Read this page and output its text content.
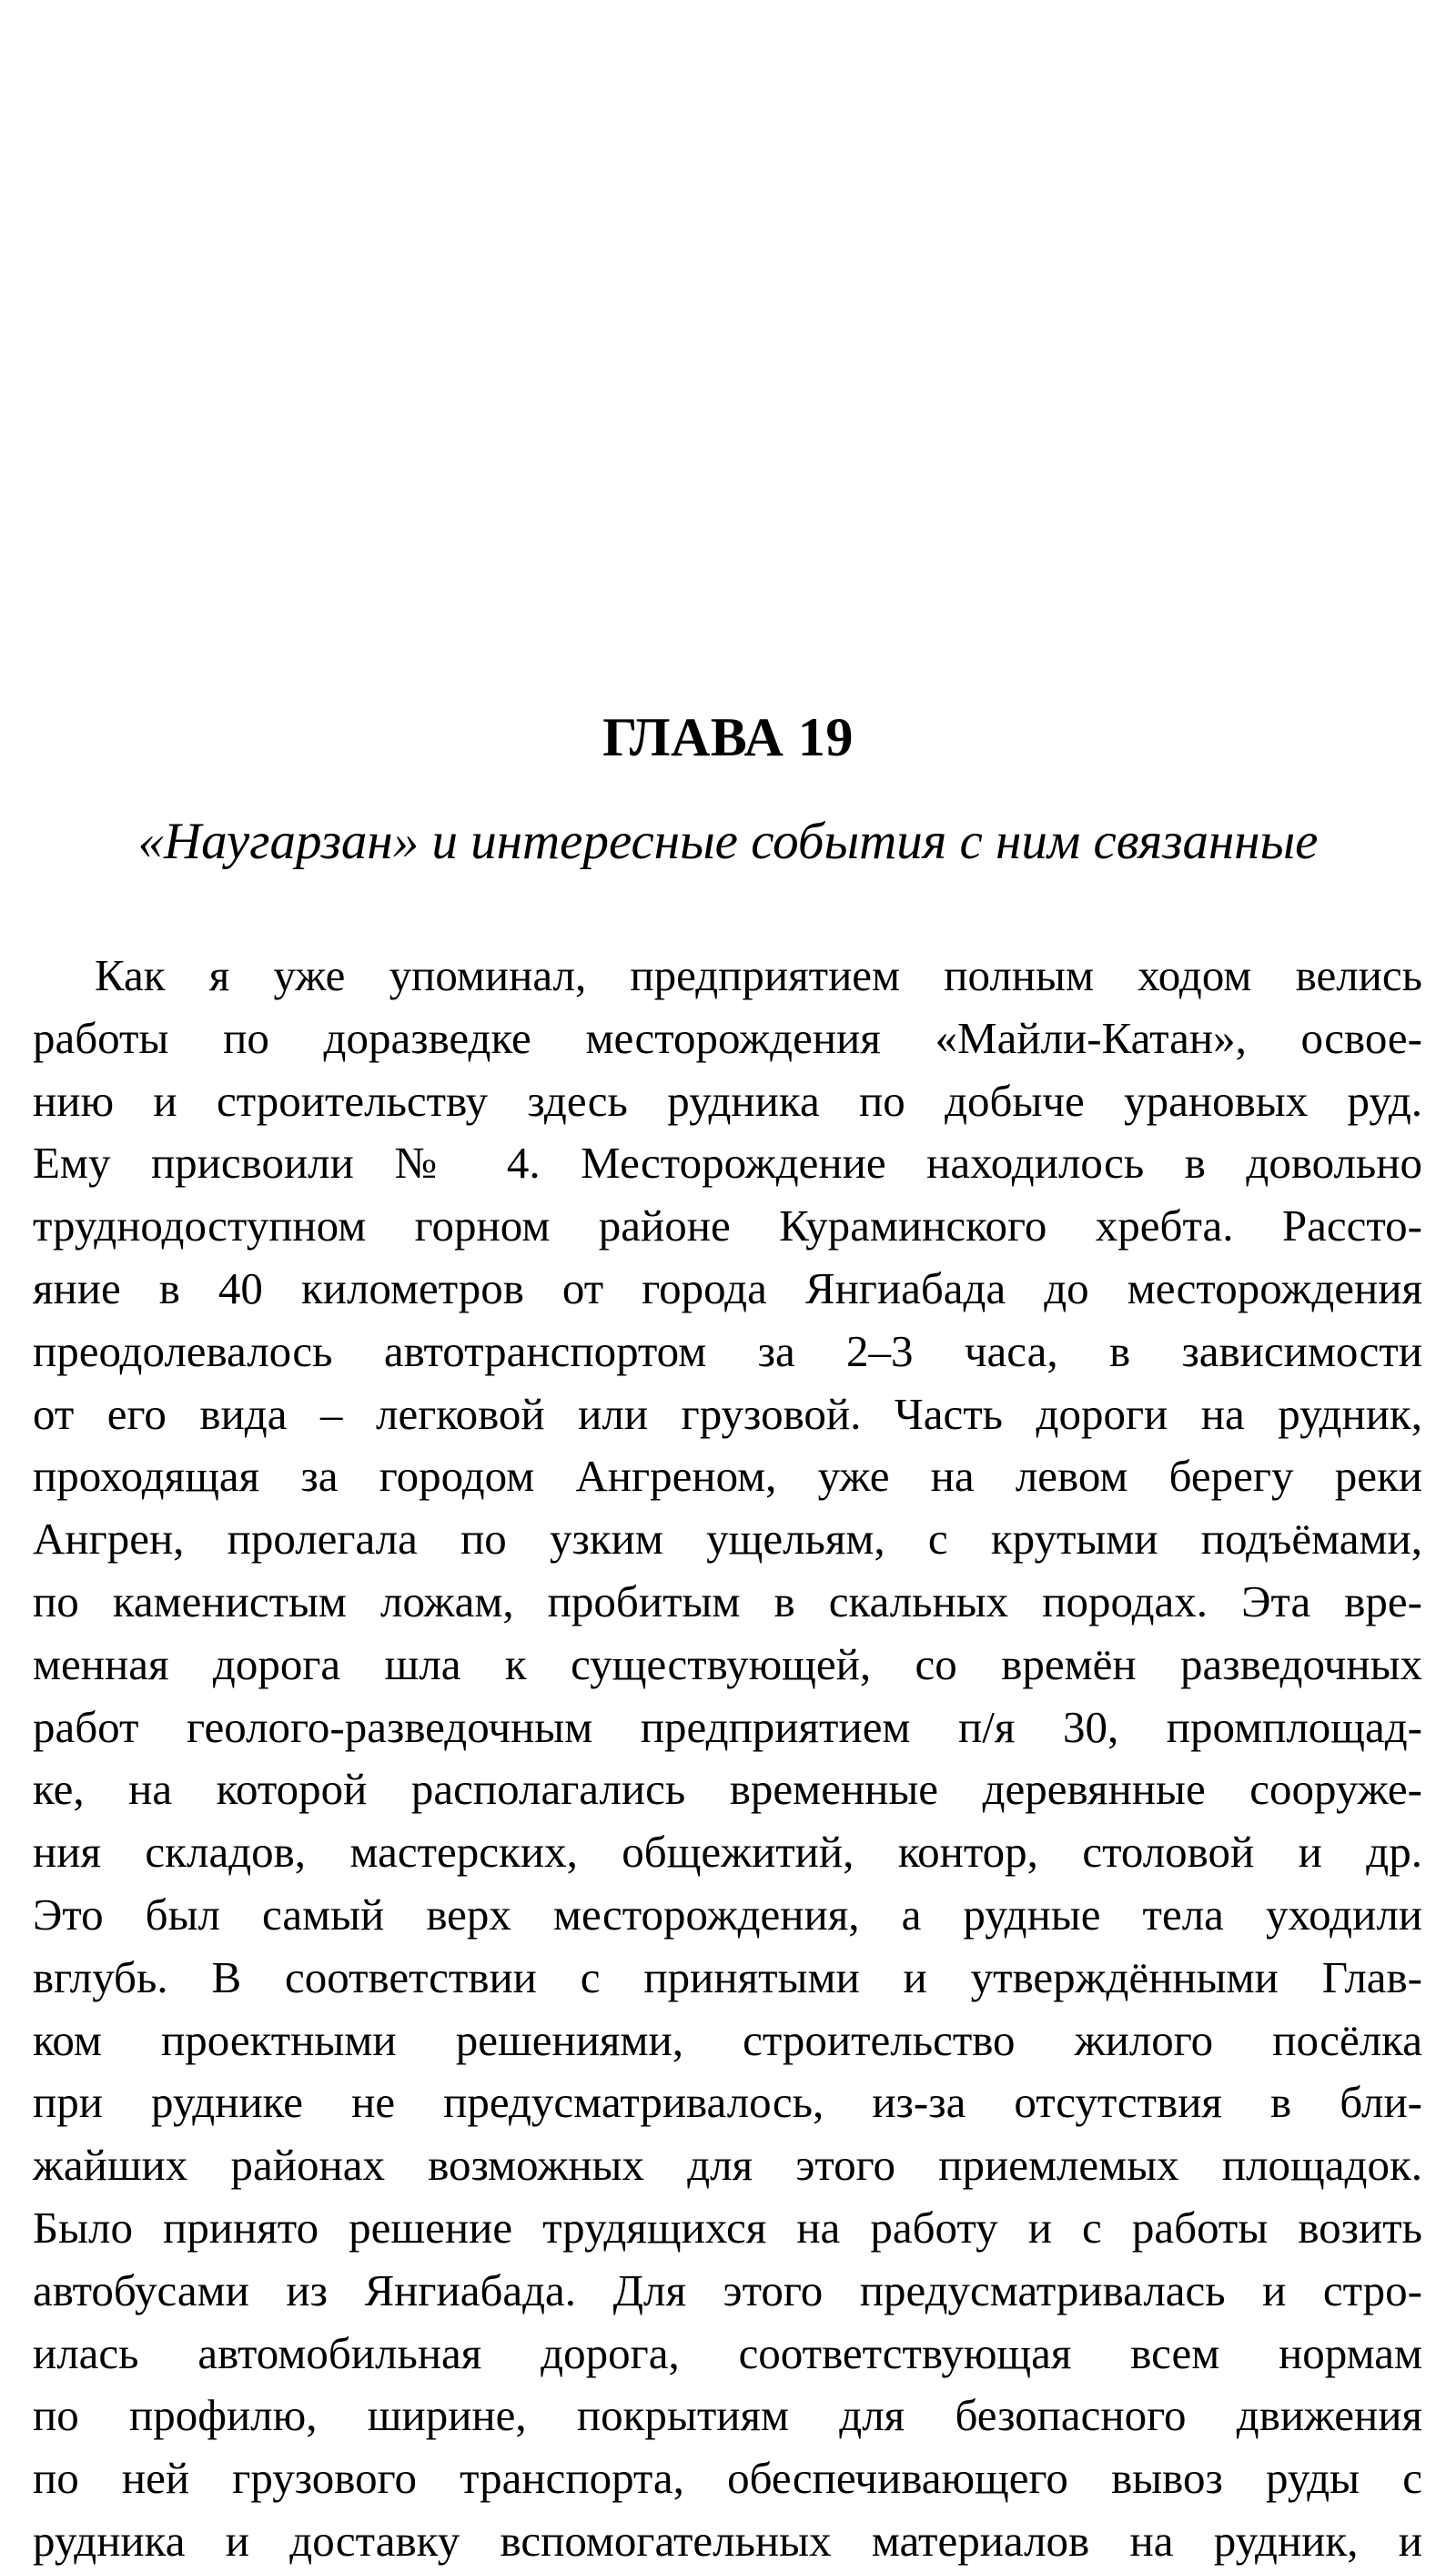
ГЛАВА 19
«Наугарзан» и интересные события с ним связанные
Как я уже упоминал, предприятием полным ходом велись
работы по доразведке месторождения «Майли-Катан», освое-
нию и строительству здесь рудника по добыче урановых руд.
Ему присвоили № 4. Месторождение находилось в довольно
труднодоступном горном районе Кураминского хребта. Рассто-
яние в 40 километров от города Янгиабада до месторождения
преодолевалось автотранспортом за 2–3 часа, в зависимости
от его вида – легковой или грузовой. Часть дороги на рудник,
проходящая за городом Ангреном, уже на левом берегу реки
Ангрен, пролегала по узким ущельям, с крутыми подъёмами,
по каменистым ложам, пробитым в скальных породах. Эта вре-
менная дорога шла к существующей, со времён разведочных
работ геолого-разведочным предприятием п/я 30, промплощад-
ке, на которой располагались временные деревянные сооруже-
ния складов, мастерских, общежитий, контор, столовой и др.
Это был самый верх месторождения, а рудные тела уходили
вглубь. В соответствии с принятыми и утверждёнными Глав-
ком проектными решениями, строительство жилого посёлка
при руднике не предусматривалось, из-за отсутствия в бли-
жайших районах возможных для этого приемлемых площадок.
Было принято решение трудящихся на работу и с работы возить
автобусами из Янгиабада. Для этого предусматривалась и стро-
илась автомобильная дорога, соответствующая всем нормам
по профилю, ширине, покрытиям для безопасного движения
по ней грузового транспорта, обеспечивающего вывоз руды с
рудника и доставку вспомогательных материалов на рудник, и
